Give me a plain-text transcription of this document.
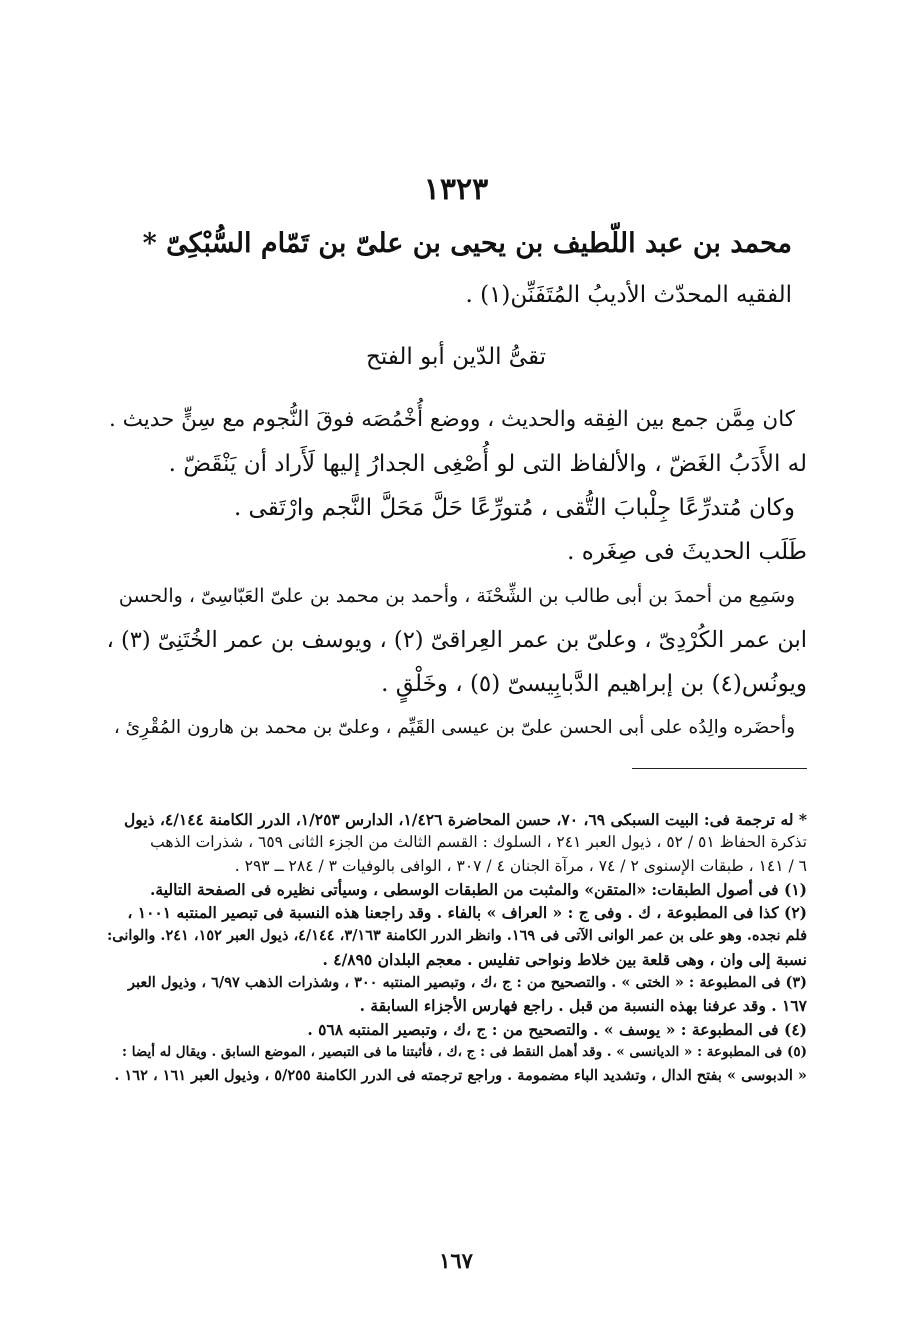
١٣٢٣
محمد بن عبد اللّطيف بن يحيى بن علىّ بن تَمّام السُّبْكِىّ *
الفقيه المحدّث الأديبُ المُتَفَنِّن(١) .
تقىُّ الدّين أبو الفتح
كان مِمَّن جمع بين الفِقه والحديث ، ووضع أُخْمُصَه فوقَ النُّجوم مع سِنٍّ حديث .
له الأَدَبُ الغَضّ ، والألفاظ التى لو أُصْغِى الجدارُ إليها لَأَراد أن يَنْقَضّ .
وكان مُتدرِّعًا جِلْبابَ التُّقى ، مُتورِّعًا حَلَّ مَحَلَّ النَّجم وارْتَقى .
طَلَب الحديثَ فى صِغَره .
وسَمِع من أحمدَ بن أبى طالب بن الشِّحْنَة ، وأحمد بن محمد بن علىّ العَبّاسِىّ ، والحسن
ابن عمر الكُرْدِىّ ، وعلىّ بن عمر العِراقىّ (٢) ، ويوسف بن عمر الخُتَنِىّ (٣) ،
ويونُس(٤) بن إبراهيم الدَّبابِيسىّ (٥) ، وخَلْقٍ .
وأحضَره والِدُه على أبى الحسن علىّ بن عيسى القَيِّم ، وعلىّ بن محمد بن هارون المُقْرِئ ،
* له ترجمة فى: البيت السبكى ٦٩، ٧٠، حسن المحاضرة ١/٤٢٦، الدارس ١/٢٥٣، الدرر الكامنة ٤/١٤٤، ذيول
تذكرة الحفاظ ٥١ / ٥٢ ، ذيول العبر ٢٤١ ، السلوك : القسم الثالث من الجزء الثانى ٦٥٩ ، شذرات الذهب
٦ / ١٤١ ، طبقات الإسنوى ٢ / ٧٤ ، مرآة الجنان ٤ / ٣٠٧ ، الوافى بالوفيات ٣ / ٢٨٤ ــ ٢٩٣ .
(١) فى أصول الطبقات: «المتقن» والمثبت من الطبقات الوسطى ، وسيأتى نظيره فى الصفحة التالية.
(٢) كذا فى المطبوعة ، ك . وفى ج : « العراف » بالفاء . وقد راجعنا هذه النسبة فى تبصير المنتبه ١٠٠١ ،
فلم نجده. وهو على بن عمر الوانى الآتى فى ١٦٩. وانظر الدرر الكامنة ٣/١٦٣، ٤/١٤٤، ذيول العبر ١٥٢، ٢٤١. والوانى:
نسبة إلى وان ، وهى قلعة بين خلاط ونواحى تفليس . معجم البلدان ٤/٨٩٥ .
(٣) فى المطبوعة : « الختى » . والتصحيح من : ج ،ك ، وتبصير المنتبه ٣٠٠ ، وشذرات الذهب ٦/٩٧ ، وذيول العبر
١٦٧ . وقد عرفنا بهذه النسبة من قبل . راجع فهارس الأجزاء السابقة .
(٤) فى المطبوعة : « يوسف » . والتصحيح من : ج ،ك ، وتبصير المنتبه ٥٦٨ .
(٥) فى المطبوعة : « الديانسى » . وقد أهمل النقط فى : ج ،ك ، فأثبتنا ما فى التبصير ، الموضع السابق . ويقال له أيضا :
« الدبوسى » بفتح الدال ، وتشديد الباء مضمومة . وراجع ترجمته فى الدرر الكامنة ٥/٢٥٥ ، وذيول العبر ١٦١ ، ١٦٢ .
١٦٧
